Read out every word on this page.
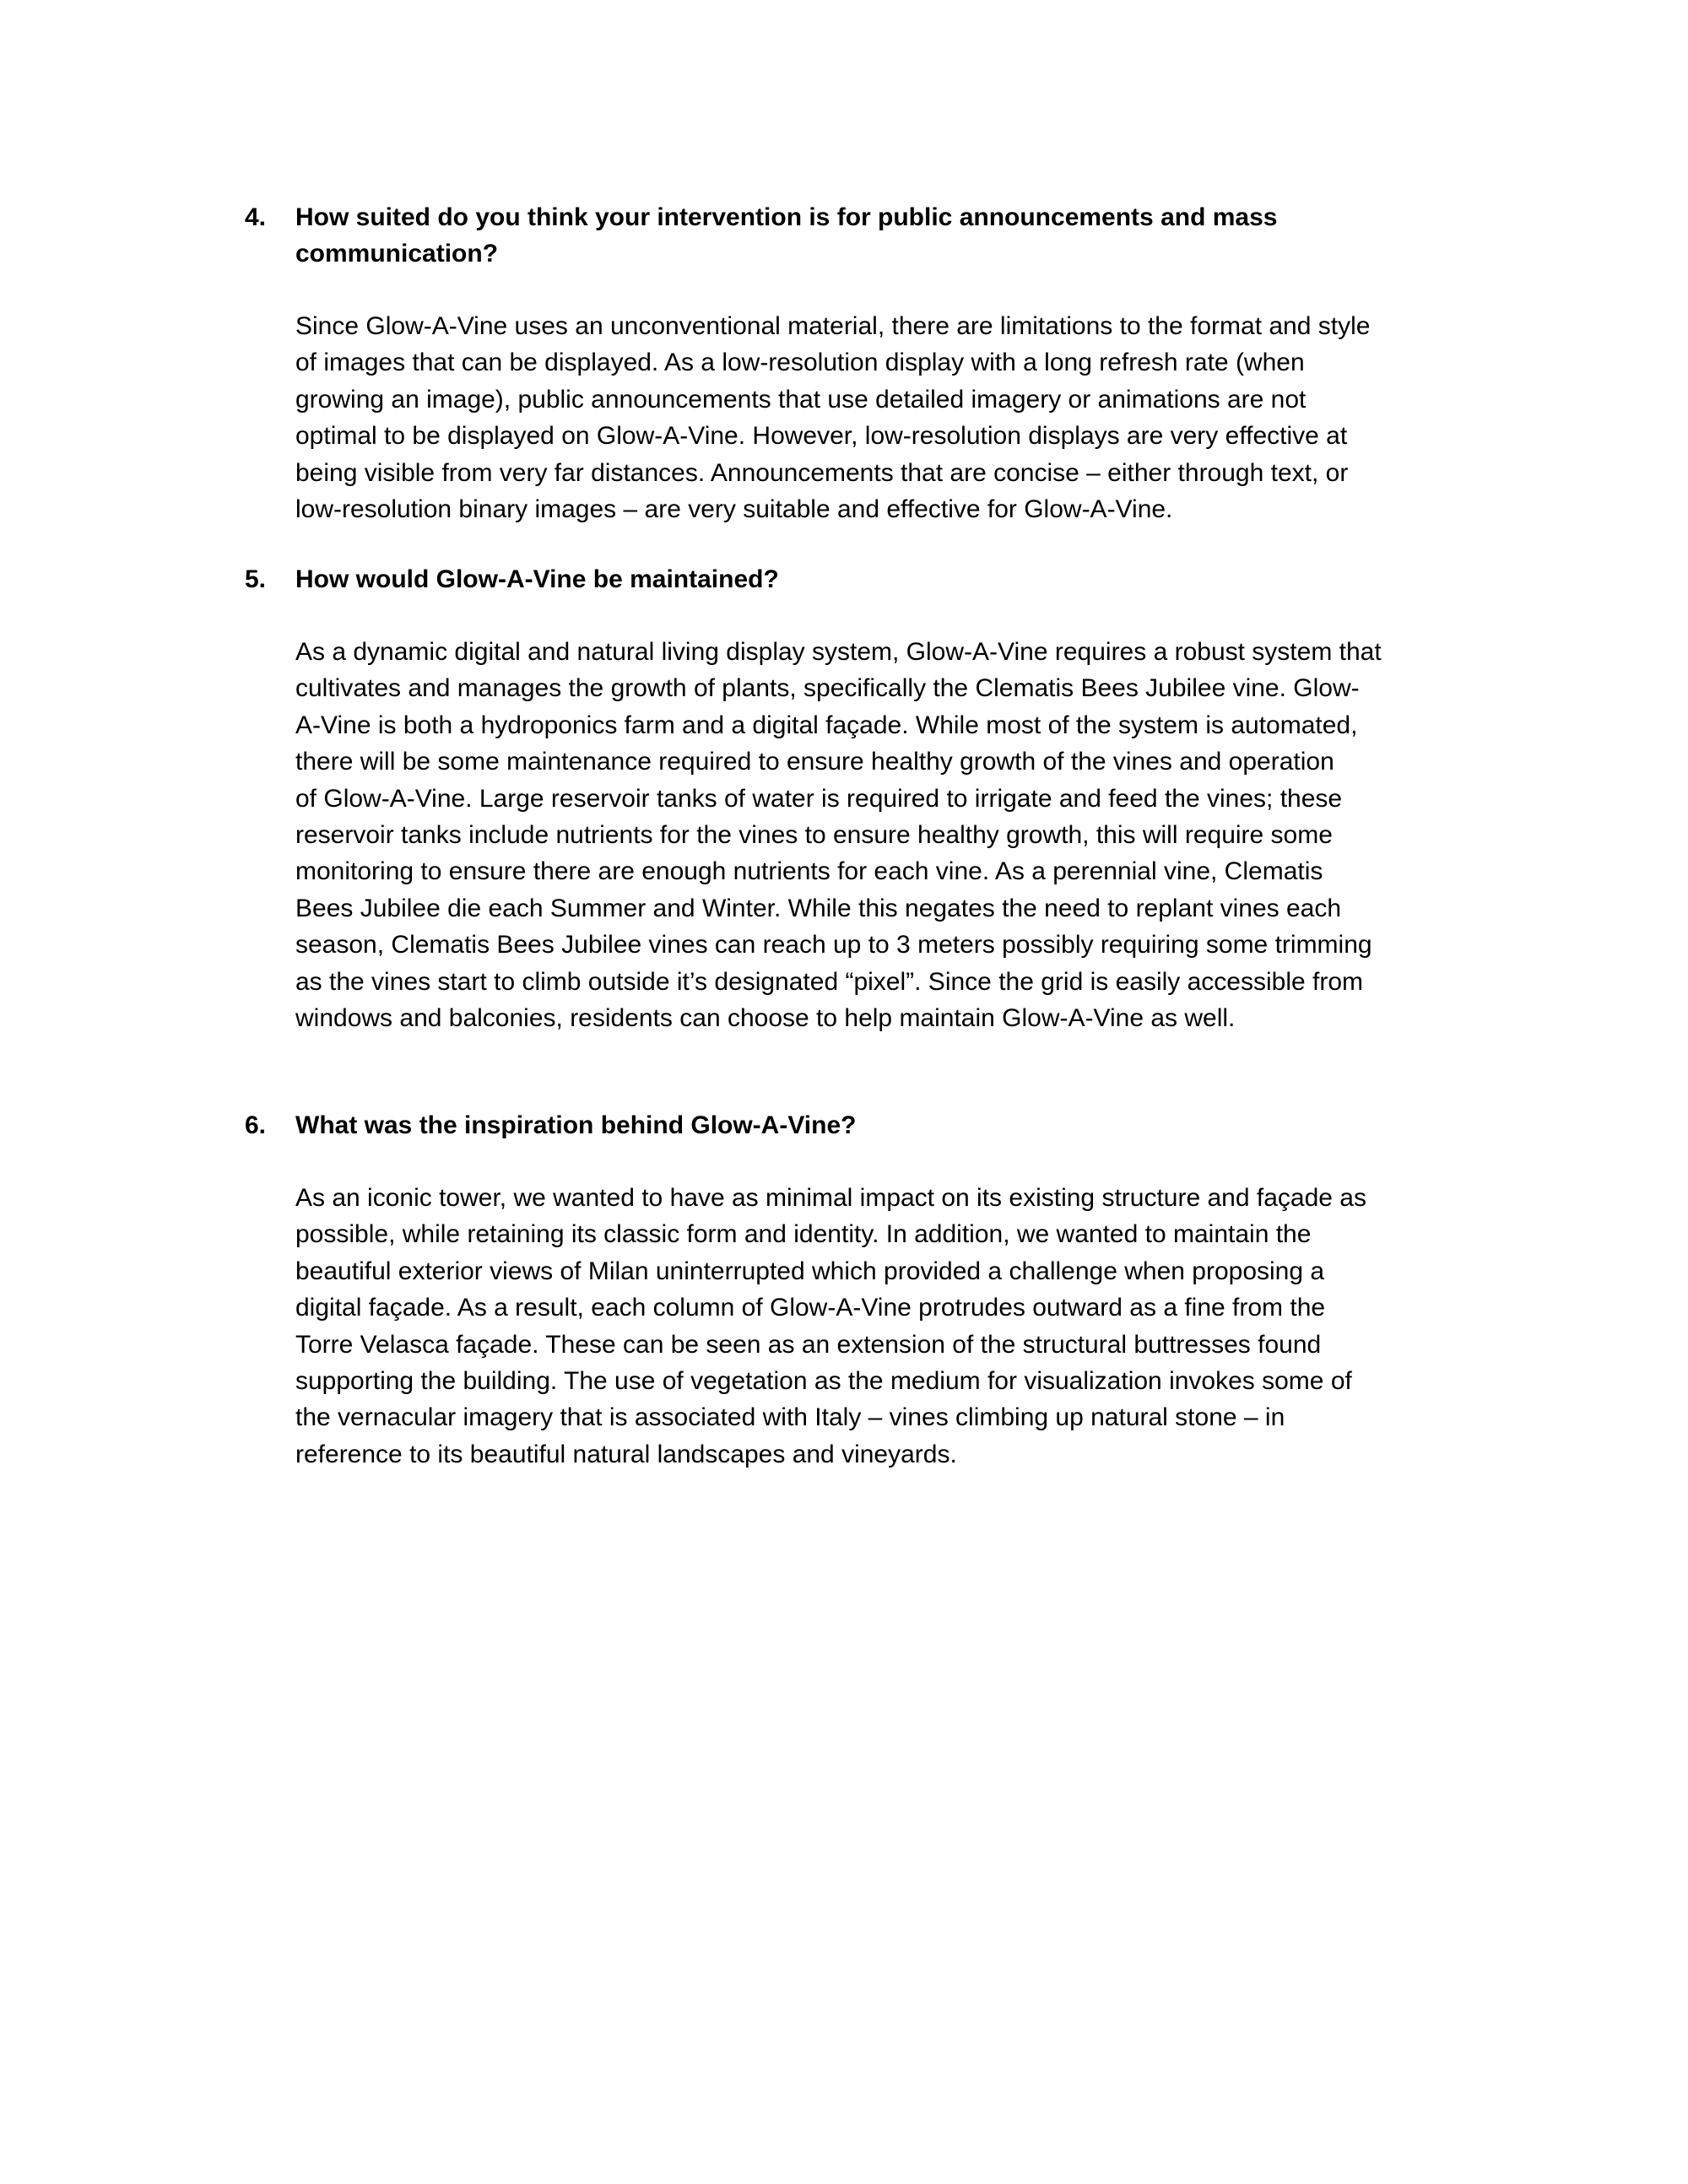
4.	How suited do you think your intervention is for public announcements and mass
communication?
Since Glow-A-Vine uses an unconventional material, there are limitations to the format and style
of images that can be displayed. As a low-resolution display with a long refresh rate (when
growing an image), public announcements that use detailed imagery or animations are not
optimal to be displayed on Glow-A-Vine. However, low-resolution displays are very effective at
being visible from very far distances. Announcements that are concise – either through text, or
low-resolution binary images – are very suitable and effective for Glow-A-Vine.
5.	How would Glow-A-Vine be maintained?
As a dynamic digital and natural living display system, Glow-A-Vine requires a robust system that
cultivates and manages the growth of plants, specifically the Clematis Bees Jubilee vine. Glow-
A-Vine is both a hydroponics farm and a digital façade. While most of the system is automated,
there will be some maintenance required to ensure healthy growth of the vines and operation
of Glow-A-Vine. Large reservoir tanks of water is required to irrigate and feed the vines; these
reservoir tanks include nutrients for the vines to ensure healthy growth, this will require some
monitoring to ensure there are enough nutrients for each vine. As a perennial vine, Clematis
Bees Jubilee die each Summer and Winter. While this negates the need to replant vines each
season, Clematis Bees Jubilee vines can reach up to 3 meters possibly requiring some trimming
as the vines start to climb outside it’s designated “pixel”. Since the grid is easily accessible from
windows and balconies, residents can choose to help maintain Glow-A-Vine as well.
6.	What was the inspiration behind Glow-A-Vine?
As an iconic tower, we wanted to have as minimal impact on its existing structure and façade as
possible, while retaining its classic form and identity. In addition, we wanted to maintain the
beautiful exterior views of Milan uninterrupted which provided a challenge when proposing a
digital façade. As a result, each column of Glow-A-Vine protrudes outward as a fine from the
Torre Velasca façade. These can be seen as an extension of the structural buttresses found
supporting the building. The use of vegetation as the medium for visualization invokes some of
the vernacular imagery that is associated with Italy – vines climbing up natural stone – in
reference to its beautiful natural landscapes and vineyards.
